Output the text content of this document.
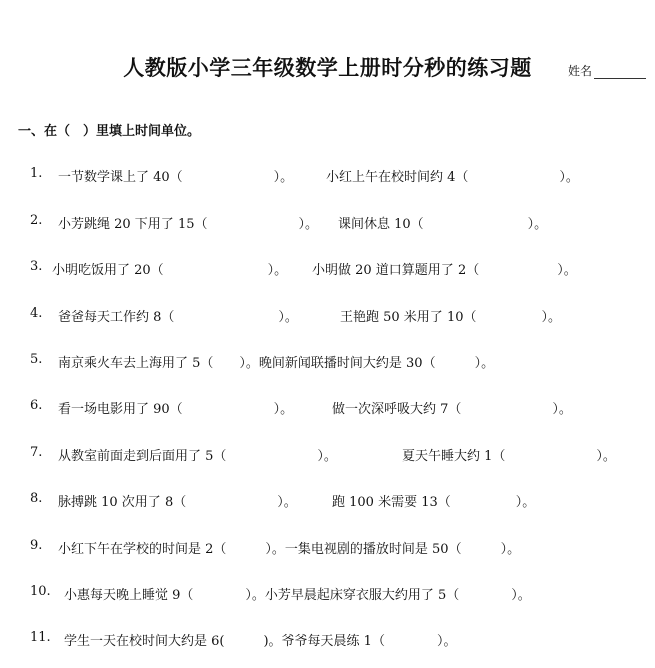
人教版小学三年级数学上册时分秒的练习题	姓名
一、在（　）里填上时间单位。
1. 一节数学课上了 40（　　　　　　　）。	小红上午在校时间约 4（　　　　　　　）。
2. 小芳跳绳 20 下用了 15（　　　　　　　）。 课间休息 10（　　　　　　　　）。
3. 小明吃饭用了 20（　　　　　　　　）。 小明做 20 道口算题用了 2（　　　　　　）。
4. 爸爸每天工作约 8（　　　　　　　　）。	王艳跑 50 米用了 10（　　　　　）。
5. 南京乘火车去上海用了 5（　　）。晚间新闻联播时间大约是 30（　　　）。
6. 看一场电影用了 90（　　　　　　　）。	做一次深呼吸大约 7（　　　　　　　）。
7. 从教室前面走到后面用了 5（　　　　　　　）。	夏天午睡大约 1（　　　　　　　）。
8. 脉搏跳 10 次用了 8（　　　　　　　）。	跑 100 米需要 13（　　　　　）。
9. 小红下午在学校的时间是 2（　　　）。一集电视剧的播放时间是 50（　　　）。
10. 小惠每天晚上睡觉 9（　　　　）。小芳早晨起床穿衣服大约用了 5（　　　　）。
11. 学生一天在校时间大约是 6(　　　)。爷爷每天晨练 1（　　　　）。
